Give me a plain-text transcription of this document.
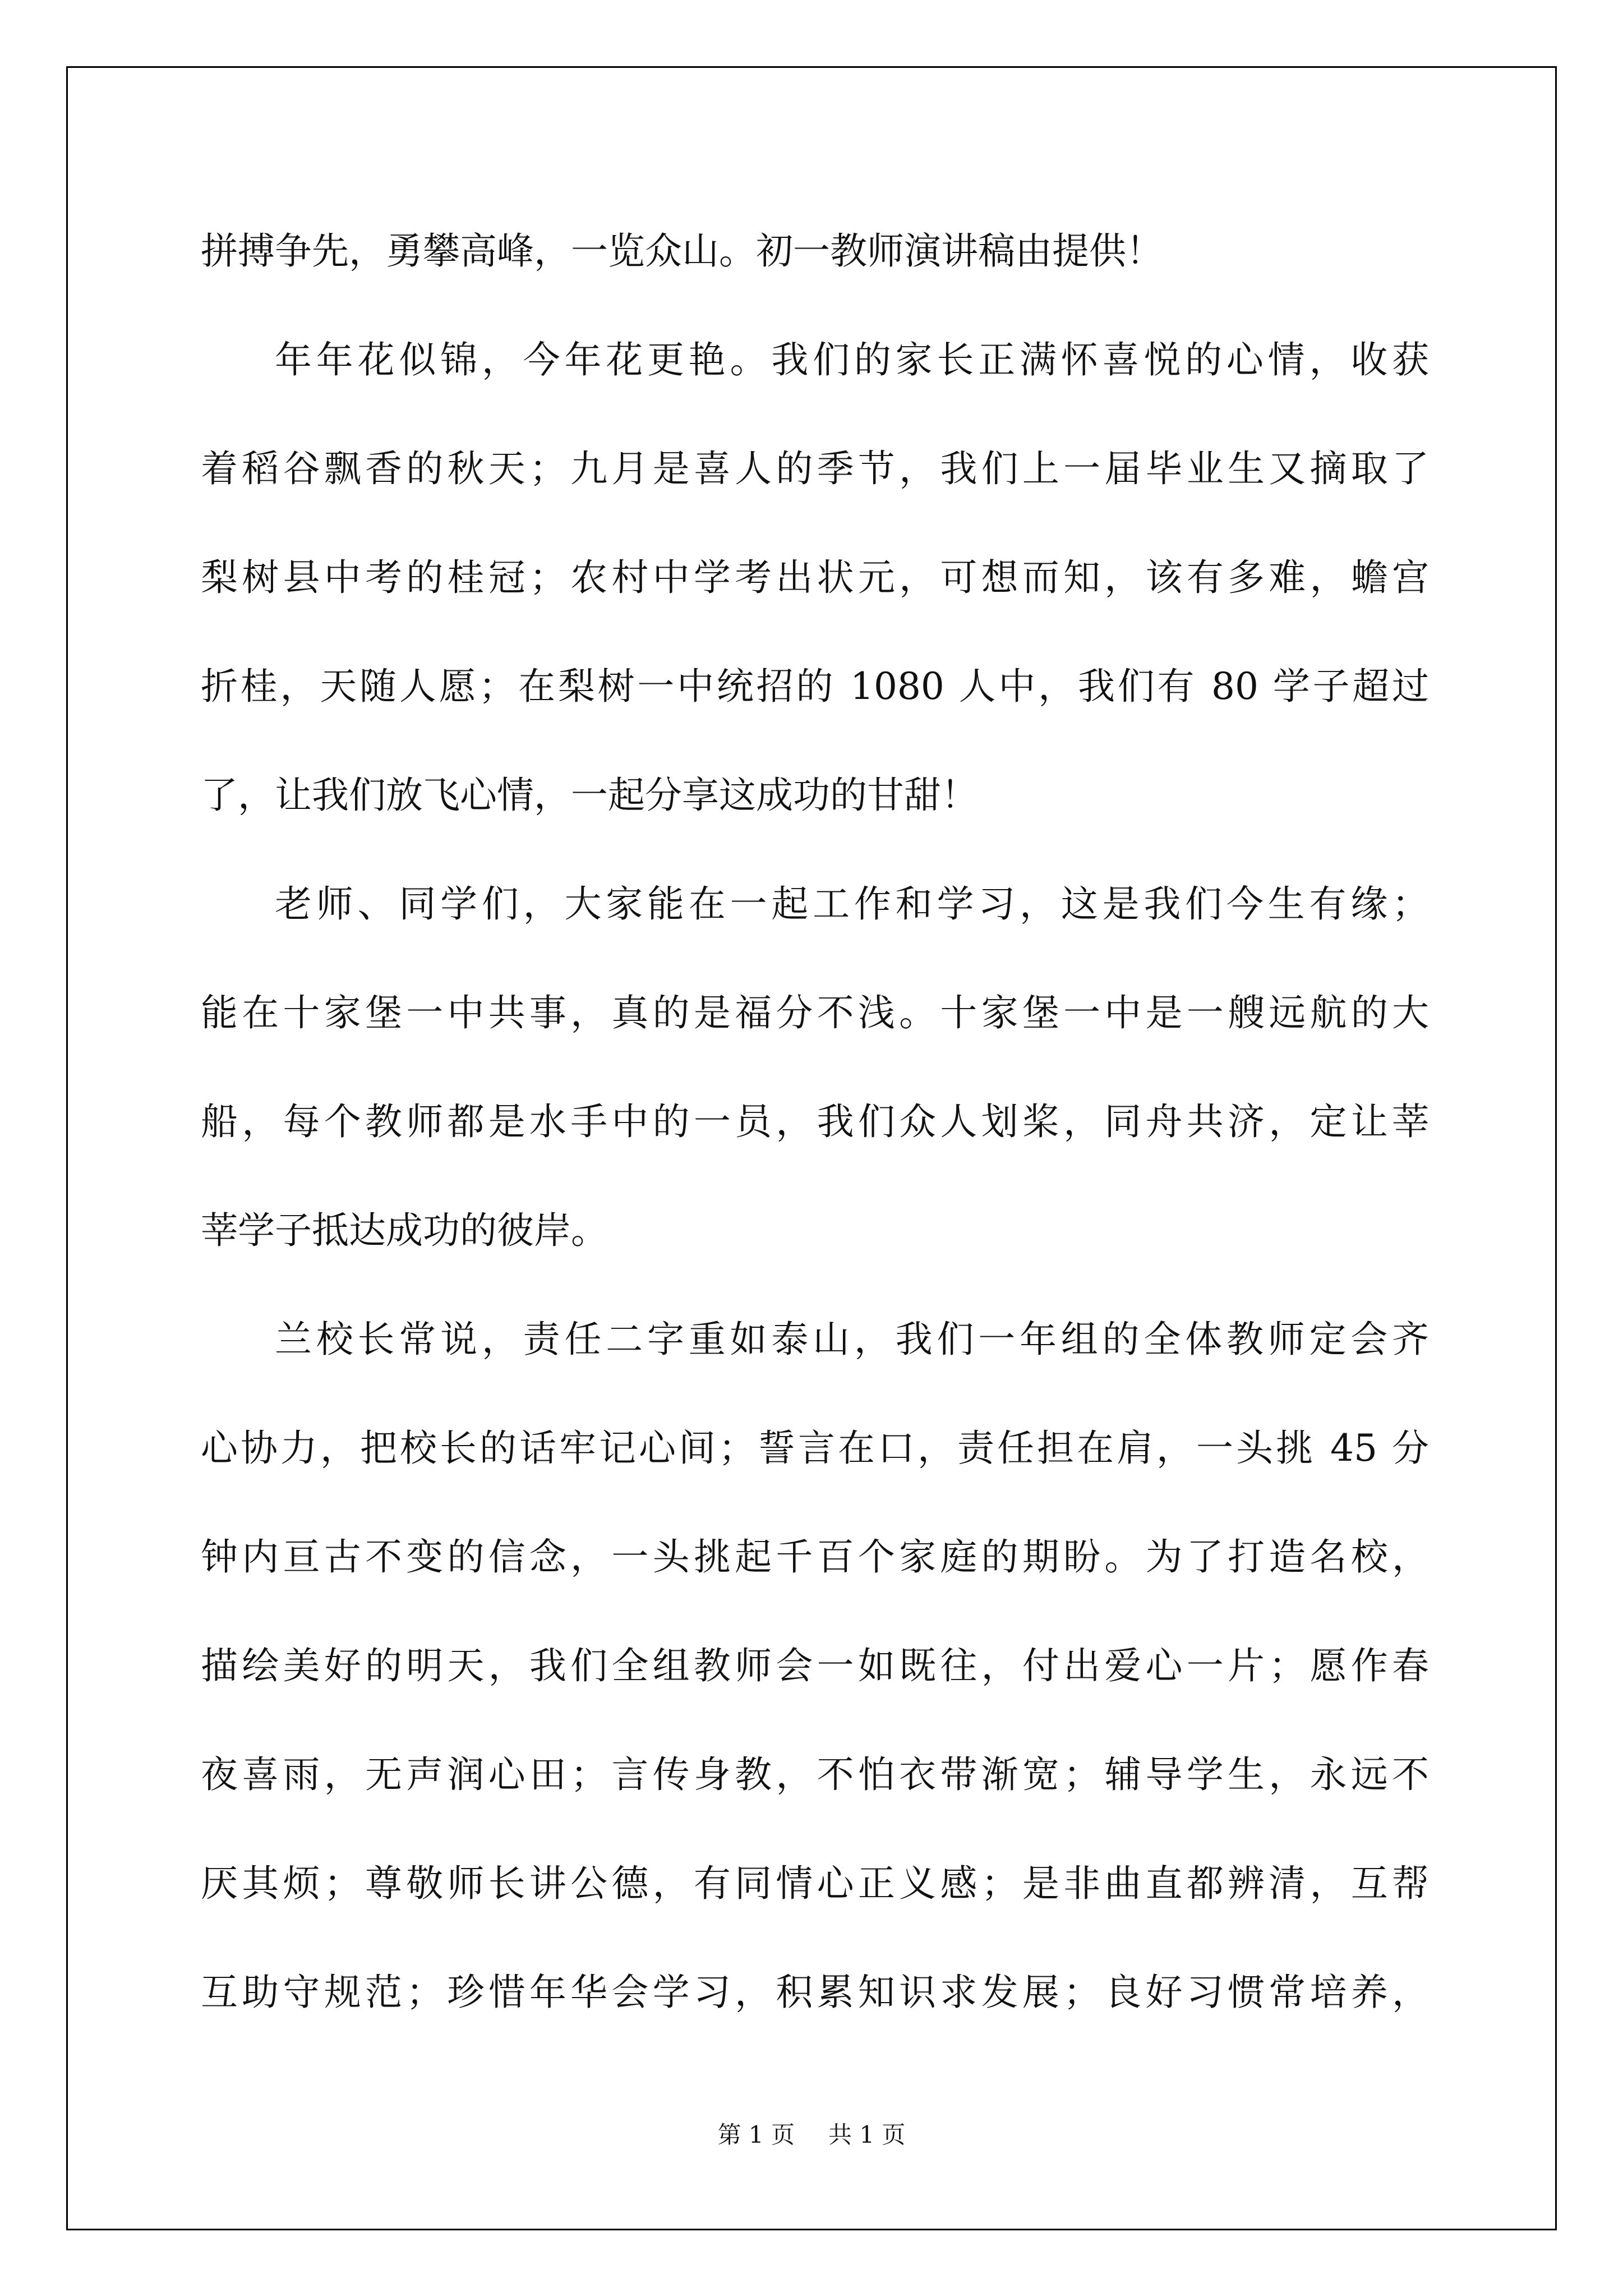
拼搏争先，勇攀高峰，一览众山。初一教师演讲稿由提供！
年年花似锦，今年花更艳。我们的家长正满怀喜悦的心情，收获
着稻谷飘香的秋天；九月是喜人的季节，我们上一届毕业生又摘取了
梨树县中考的桂冠；农村中学考出状元，可想而知，该有多难，蟾宫
折桂，天随人愿；在梨树一中统招的 1080 人中，我们有 80 学子超过
了，让我们放飞心情，一起分享这成功的甘甜！
老师、同学们，大家能在一起工作和学习，这是我们今生有缘；
能在十家堡一中共事，真的是福分不浅。十家堡一中是一艘远航的大
船，每个教师都是水手中的一员，我们众人划桨，同舟共济，定让莘
莘学子抵达成功的彼岸。
兰校长常说，责任二字重如泰山，我们一年组的全体教师定会齐
心协力，把校长的话牢记心间；誓言在口，责任担在肩，一头挑 45 分
钟内亘古不变的信念，一头挑起千百个家庭的期盼。为了打造名校，
描绘美好的明天，我们全组教师会一如既往，付出爱心一片；愿作春
夜喜雨，无声润心田；言传身教，不怕衣带渐宽；辅导学生，永远不
厌其烦；尊敬师长讲公德，有同情心正义感；是非曲直都辨清，互帮
互助守规范；珍惜年华会学习，积累知识求发展；良好习惯常培养，
第 1 页 共 1 页
